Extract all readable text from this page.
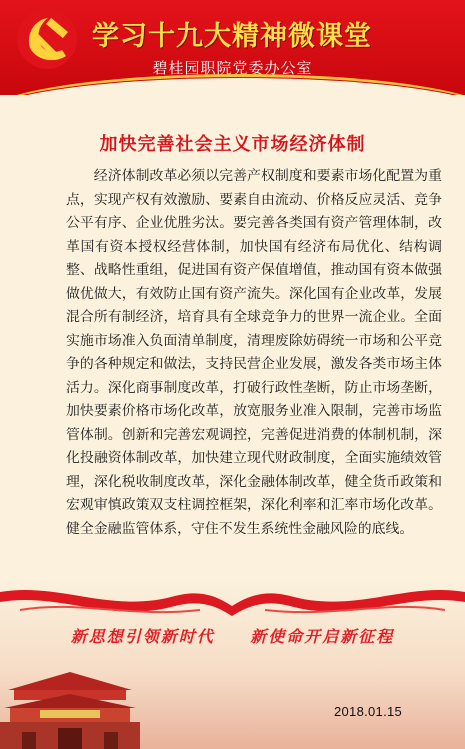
学习十九大精神微课堂
碧桂园职院党委办公室
加快完善社会主义市场经济体制
经济体制改革必须以完善产权制度和要素市场化配置为重点，实现产权有效激励、要素自由流动、价格反应灵活、竞争公平有序、企业优胜劣汰。要完善各类国有资产管理体制，改革国有资本授权经营体制，加快国有经济布局优化、结构调整、战略性重组，促进国有资产保值增值，推动国有资本做强做优做大，有效防止国有资产流失。深化国有企业改革，发展混合所有制经济，培育具有全球竞争力的世界一流企业。全面实施市场准入负面清单制度，清理废除妨碍统一市场和公平竞争的各种规定和做法，支持民营企业发展，激发各类市场主体活力。深化商事制度改革，打破行政性垄断，防止市场垄断，加快要素价格市场化改革，放宽服务业准入限制，完善市场监管体制。创新和完善宏观调控，完善促进消费的体制机制，深化投融资体制改革，加快建立现代财政制度，全面实施绩效管理，深化税收制度改革，深化金融体制改革，健全货币政策和宏观审慎政策双支柱调控框架，深化利率和汇率市场化改革。健全金融监管体系，守住不发生系统性金融风险的底线。
新思想引领新时代 新使命开启新征程
2018.01.15
